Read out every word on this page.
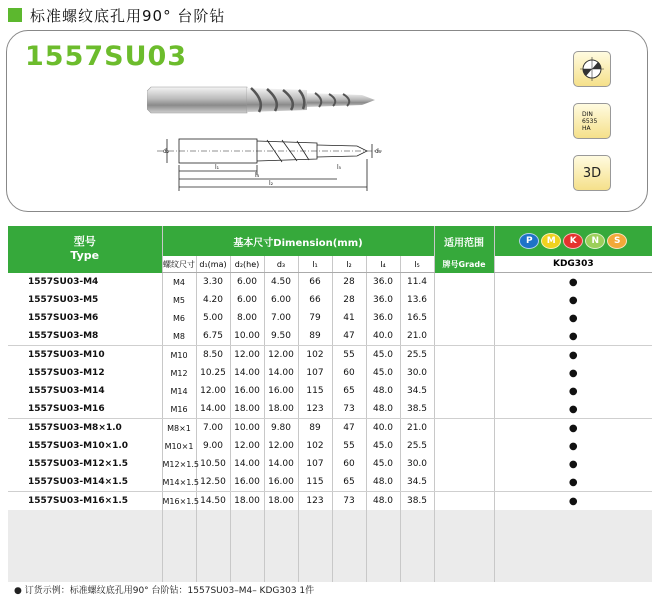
标准螺纹底孔用90° 台阶钻
1557SU03
d₂	d₁
l₁
l₄
l₂
l₅
DIN
6535
HA
3D
型号
Type	基本尺寸Dimension(mm)								适用范围	P M K N S
	螺纹尺寸	d₁(ma)	d₂(he)	d₃	l₁	l₂	l₄	l₅	牌号Grade	KDG303
1557SU03-M4	M4	3.30	6.00	4.50	66	28	36.0	11.4		●
1557SU03-M5	M5	4.20	6.00	6.00	66	28	36.0	13.6		●
1557SU03-M6	M6	5.00	8.00	7.00	79	41	36.0	16.5		●
1557SU03-M8	M8	6.75	10.00	9.50	89	47	40.0	21.0		●
1557SU03-M10	M10	8.50	12.00	12.00	102	55	45.0	25.5		●
1557SU03-M12	M12	10.25	14.00	14.00	107	60	45.0	30.0		●
1557SU03-M14	M14	12.00	16.00	16.00	115	65	48.0	34.5		●
1557SU03-M16	M16	14.00	18.00	18.00	123	73	48.0	38.5		●
1557SU03-M8×1.0	M8×1	7.00	10.00	9.80	89	47	40.0	21.0		●
1557SU03-M10×1.0	M10×1	9.00	12.00	12.00	102	55	45.0	25.5		●
1557SU03-M12×1.5	M12×1.5	10.50	14.00	14.00	107	60	45.0	30.0		●
1557SU03-M14×1.5	M14×1.5	12.50	16.00	16.00	115	65	48.0	34.5		●
1557SU03-M16×1.5	M16×1.5	14.50	18.00	18.00	123	73	48.0	38.5		●

● 订货示例：标准螺纹底孔用90° 台阶钻：1557SU03–M4– KDG303 1件
